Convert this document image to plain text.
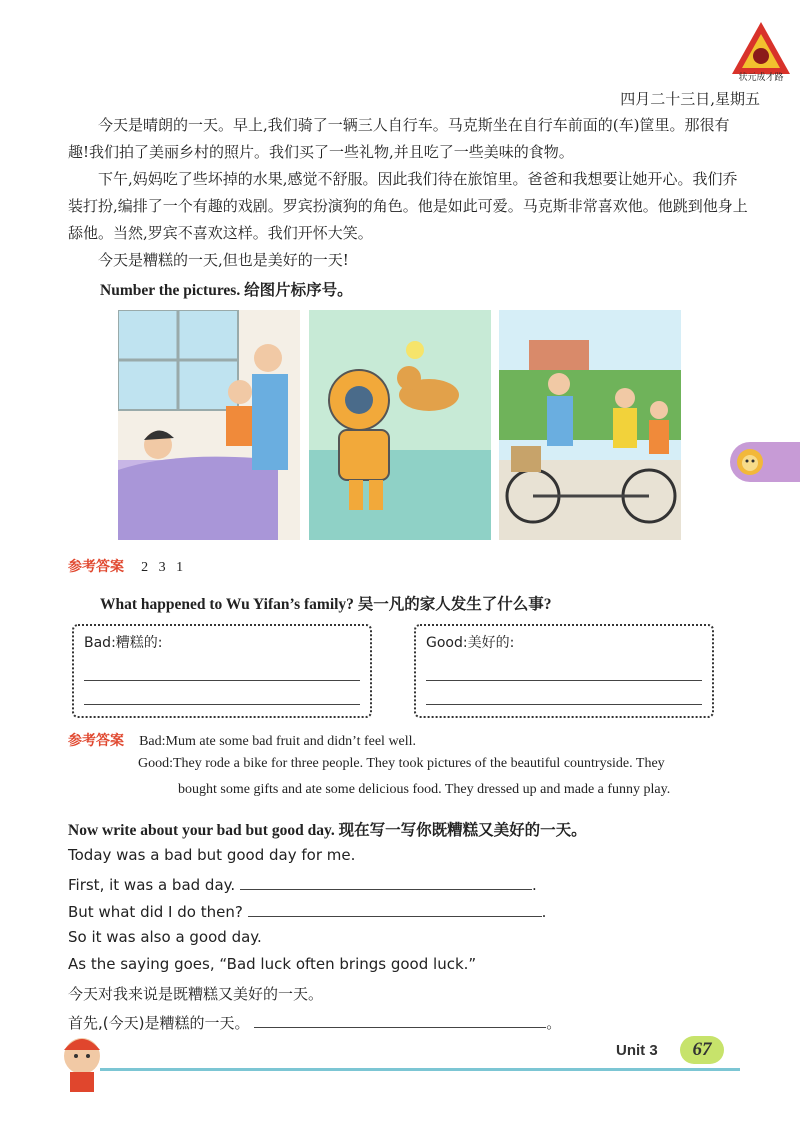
状元成才路
四月二十三日,星期五

今天是晴朗的一天。早上,我们骑了一辆三人自行车。马克斯坐在自行车前面的(车)筐里。那很有趣!我们拍了美丽乡村的照片。我们买了一些礼物,并且吃了一些美味的食物。

下午,妈妈吃了些坏掉的水果,感觉不舒服。因此我们待在旅馆里。爸爸和我想要让她开心。我们乔装打扮,编排了一个有趣的戏剧。罗宾扮演狗的角色。他是如此可爱。马克斯非常喜欢他。他跳到他身上舔他。当然,罗宾不喜欢这样。我们开怀大笑。

今天是糟糕的一天,但也是美好的一天!

Number the pictures. 给图片标序号。
参考答案 2   3   1
What happened to Wu Yifan’s family? 吴一凡的家人发生了什么事?
Bad:糟糕的:	Good:美好的:
参考答案 Bad:Mum ate some bad fruit and didn’t feel well.
Good:They rode a bike for three people. They took pictures of the beautiful countryside. They
bought some gifts and ate some delicious food. They dressed up and made a funny play.
Now write about your bad but good day. 现在写一写你既糟糕又美好的一天。
Today was a bad but good day for me.
First, it was a bad day.	.
But what did I do then?	.
So it was also a good day.
As the saying goes, “Bad luck often brings good luck.”
今天对我来说是既糟糕又美好的一天。
首先,(今天)是糟糕的一天。	。
Unit 3	67
